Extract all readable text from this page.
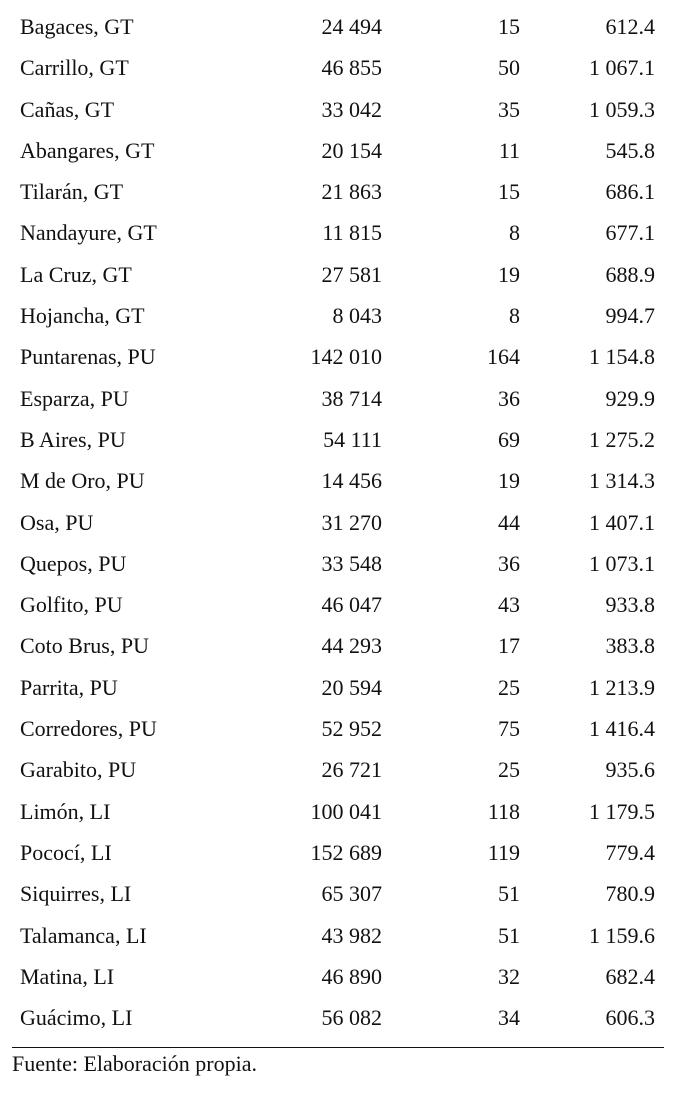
Bagaces, GT	24 494	15	612.4
Carrillo, GT	46 855	50	1 067.1
Cañas, GT	33 042	35	1 059.3
Abangares, GT	20 154	11	545.8
Tilarán, GT	21 863	15	686.1
Nandayure, GT	11 815	8	677.1
La Cruz, GT	27 581	19	688.9
Hojancha, GT	8 043	8	994.7
Puntarenas, PU	142 010	164	1 154.8
Esparza, PU	38 714	36	929.9
B Aires, PU	54 111	69	1 275.2
M de Oro, PU	14 456	19	1 314.3
Osa, PU	31 270	44	1 407.1
Quepos, PU	33 548	36	1 073.1
Golfito, PU	46 047	43	933.8
Coto Brus, PU	44 293	17	383.8
Parrita, PU	20 594	25	1 213.9
Corredores, PU	52 952	75	1 416.4
Garabito, PU	26 721	25	935.6
Limón, LI	100 041	118	1 179.5
Pococí, LI	152 689	119	779.4
Siquirres, LI	65 307	51	780.9
Talamanca, LI	43 982	51	1 159.6
Matina, LI	46 890	32	682.4
Guácimo, LI	56 082	34	606.3
Fuente: Elaboración propia.
